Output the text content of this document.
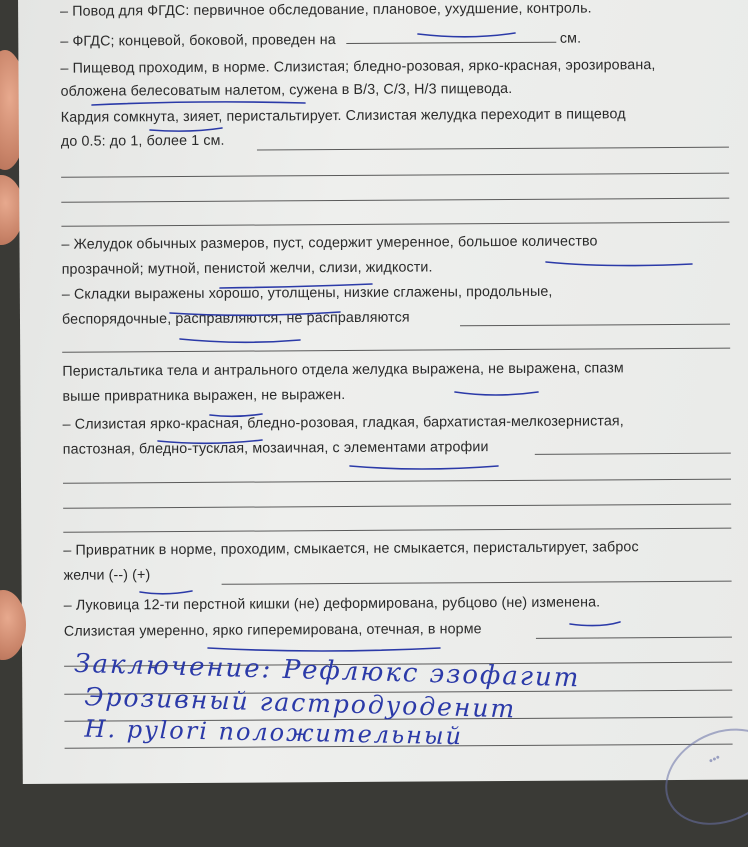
– Повод для ФГДС: первичное обследование, плановое, ухудшение, контроль.
– ФГДС; концевой, боковой, проведен на	см.
– Пищевод проходим, в норме. Слизистая; бледно-розовая, ярко-красная, эрозирована,
обложена белесоватым налетом, сужена в В/3, С/3, Н/3 пищевода.
Кардия сомкнута, зияет, перистальтирует. Слизистая желудка переходит в пищевод
до 0.5: до 1, более 1 см.
– Желудок обычных размеров, пуст, содержит умеренное, большое количество
прозрачной; мутной, пенистой желчи, слизи, жидкости.
– Складки выражены хорошо, утолщены, низкие сглажены, продольные,
беспорядочные, расправляются, не расправляются
Перистальтика тела и антрального отдела желудка выражена, не выражена, спазм
выше привратника выражен, не выражен.
– Слизистая ярко-красная, бледно-розовая, гладкая, бархатистая-мелкозернистая,
пастозная, бледно-тусклая, мозаичная, с элементами атрофии
– Привратник в норме, проходим, смыкается, не смыкается, перистальтирует, заброс
желчи (--) (+)
– Луковица 12-ти перстной кишки (не) деформирована, рубцово (не) изменена.
Слизистая умеренно, ярко гиперемирована, отечная, в норме
Заключение: Рефлюкс эзофагит
Эрозивный гастродуоденит
Н. pylori положительный
•••
